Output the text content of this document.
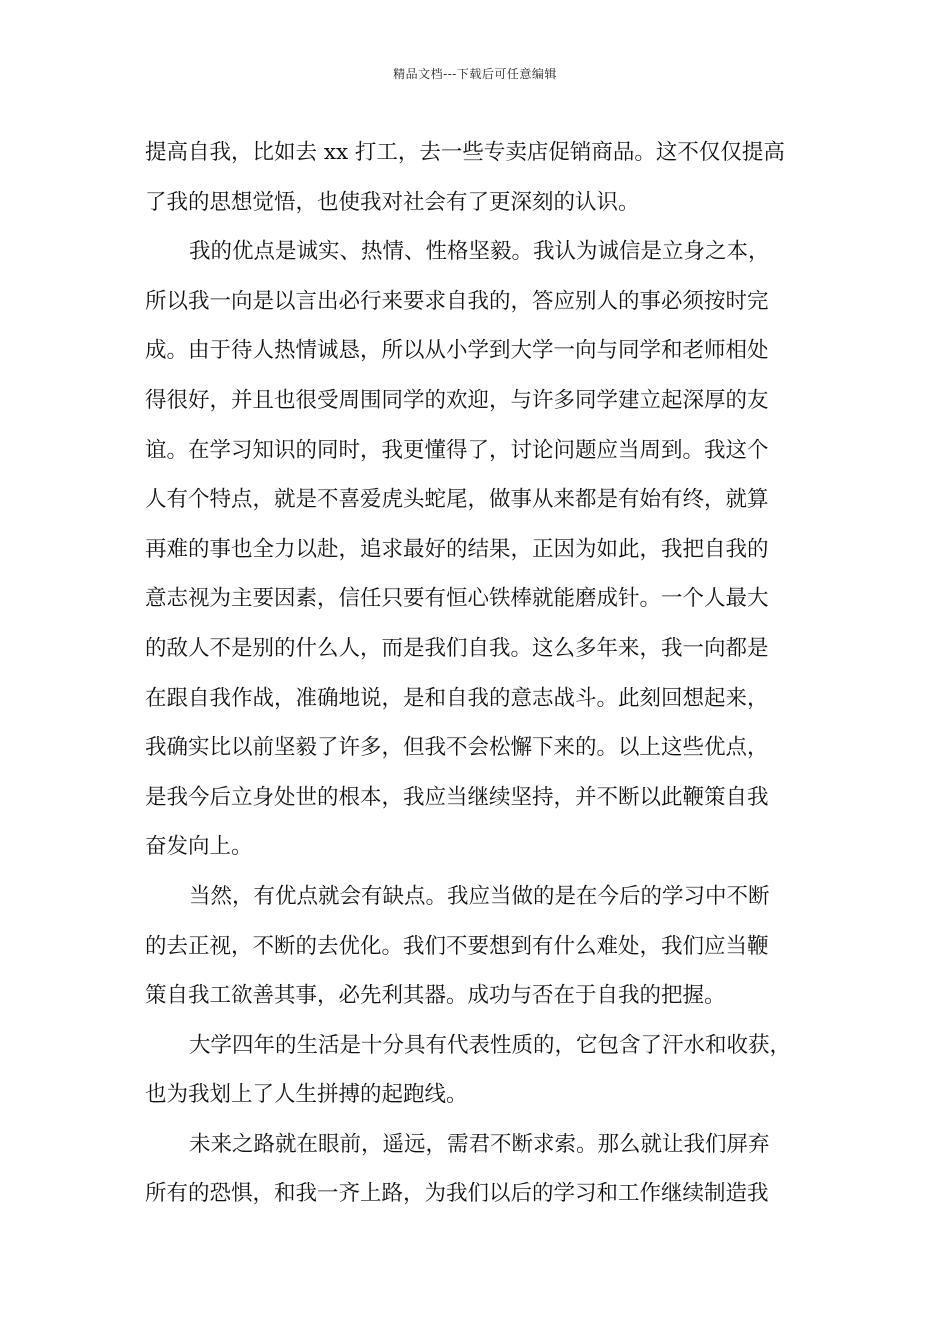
精品文档---下载后可任意编辑
提高自我，比如去 xx 打工，去一些专卖店促销商品。这不仅仅提高
了我的思想觉悟，也使我对社会有了更深刻的认识。
我的优点是诚实、热情、性格坚毅。我认为诚信是立身之本，
所以我一向是以言出必行来要求自我的，答应别人的事必须按时完
成。由于待人热情诚恳，所以从小学到大学一向与同学和老师相处
得很好，并且也很受周围同学的欢迎，与许多同学建立起深厚的友
谊。在学习知识的同时，我更懂得了，讨论问题应当周到。我这个
人有个特点，就是不喜爱虎头蛇尾，做事从来都是有始有终，就算
再难的事也全力以赴，追求最好的结果，正因为如此，我把自我的
意志视为主要因素，信任只要有恒心铁棒就能磨成针。一个人最大
的敌人不是别的什么人，而是我们自我。这么多年来，我一向都是
在跟自我作战，准确地说，是和自我的意志战斗。此刻回想起来，
我确实比以前坚毅了许多，但我不会松懈下来的。以上这些优点，
是我今后立身处世的根本，我应当继续坚持，并不断以此鞭策自我
奋发向上。
当然，有优点就会有缺点。我应当做的是在今后的学习中不断
的去正视，不断的去优化。我们不要想到有什么难处，我们应当鞭
策自我工欲善其事，必先利其器。成功与否在于自我的把握。
大学四年的生活是十分具有代表性质的，它包含了汗水和收获，
也为我划上了人生拼搏的起跑线。
未来之路就在眼前，遥远，需君不断求索。那么就让我们屏弃
所有的恐惧，和我一齐上路，为我们以后的学习和工作继续制造我
